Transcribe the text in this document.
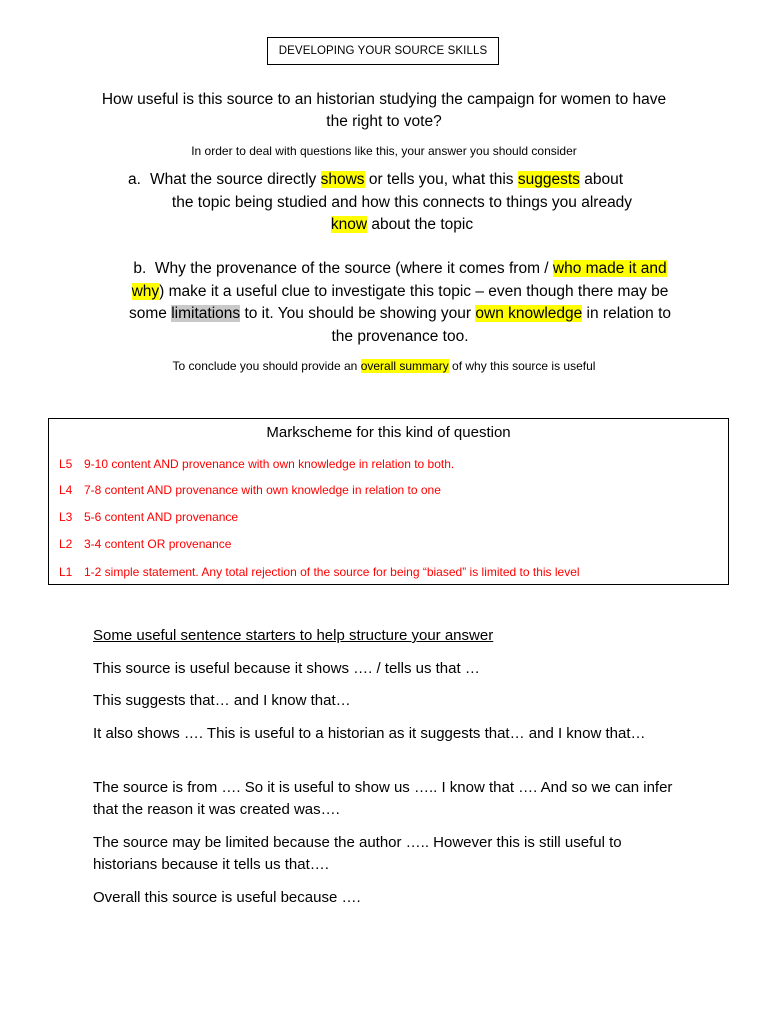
DEVELOPING YOUR SOURCE SKILLS
How useful is this source to an historian studying the campaign for women to have the right to vote?
In order to deal with questions like this, your answer you should consider
a. What the source directly shows or tells you, what this suggests about
the topic being studied and how this connects to things you already
know about the topic
b. Why the provenance of the source (where it comes from / who made it and why) make it a useful clue to investigate this topic – even though there may be some limitations to it. You should be showing your own knowledge in relation to the provenance too.
To conclude you should provide an overall summary of why this source is useful
Markscheme for this kind of question
L5 9-10 content AND provenance with own knowledge in relation to both.
L4 7-8 content AND provenance with own knowledge in relation to one
L3 5-6 content AND provenance
L2 3-4 content OR provenance
L1 1-2 simple statement. Any total rejection of the source for being “biased” is limited to this level
Some useful sentence starters to help structure your answer
This source is useful because it shows …. / tells us that …
This suggests that… and I know that…
It also shows …. This is useful to a historian as it suggests that… and I know that…
The source is from …. So it is useful to show us ….. I know that …. And so we can infer that the reason it was created was….
The source may be limited because the author ….. However this is still useful to historians because it tells us that….
Overall this source is useful because ….
